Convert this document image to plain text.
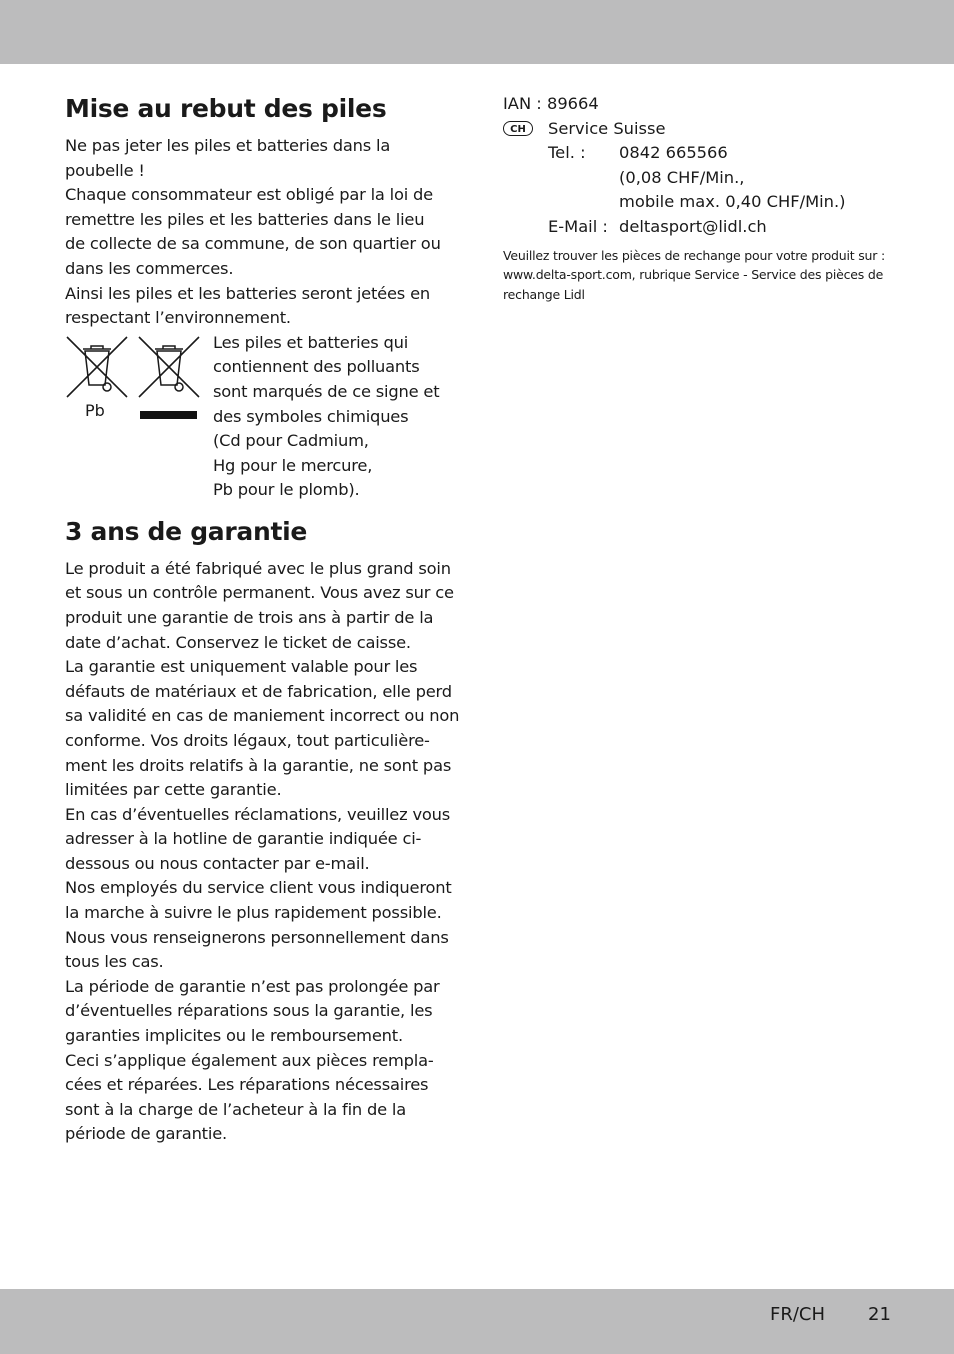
Mise au rebut des piles

Ne pas jeter les piles et batteries dans la

poubelle !

Chaque consommateur est obligé par la loi de

remettre les piles et les batteries dans le lieu

de collecte de sa commune, de son quartier ou

dans les commerces.

Ainsi les piles et les batteries seront jetées en

respectant l’environnement.

Pb

Les piles et batteries qui

contiennent des polluants

sont marqués de ce signe et

des symboles chimiques

(Cd pour Cadmium,

Hg pour le mercure,

Pb pour le plomb).

3 ans de garantie

Le produit a été fabriqué avec le plus grand soin

et sous un contrôle permanent. Vous avez sur ce

produit une garantie de trois ans à partir de la

date d’achat. Conservez le ticket de caisse.

La garantie est uniquement valable pour les

défauts de matériaux et de fabrication, elle perd

sa validité en cas de maniement incorrect ou non

conforme. Vos droits légaux, tout particulière-

ment les droits relatifs à la garantie, ne sont pas

limitées par cette garantie.

En cas d’éventuelles réclamations, veuillez vous

adresser à la hotline de garantie indiquée ci-

dessous ou nous contacter par e-mail.

Nos employés du service client vous indiqueront

la marche à suivre le plus rapidement possible.

Nous vous renseignerons personnellement dans

tous les cas.

La période de garantie n’est pas prolongée par

d’éventuelles réparations sous la garantie, les

garanties implicites ou le remboursement.

Ceci s’applique également aux pièces rempla-

cées et réparées. Les réparations nécessaires

sont à la charge de l’acheteur à la fin de la

période de garantie.

IAN : 89664
CH	Service Suisse
Tel. : 0842 665566
(0,08 CHF/Min.,
mobile max. 0,40 CHF/Min.)
E-Mail : deltasport@lidl.ch
Veuillez trouver les pièces de rechange pour votre produit sur :
www.delta-sport.com, rubrique Service - Service des pièces de
rechange Lidl
FR/CH 21
